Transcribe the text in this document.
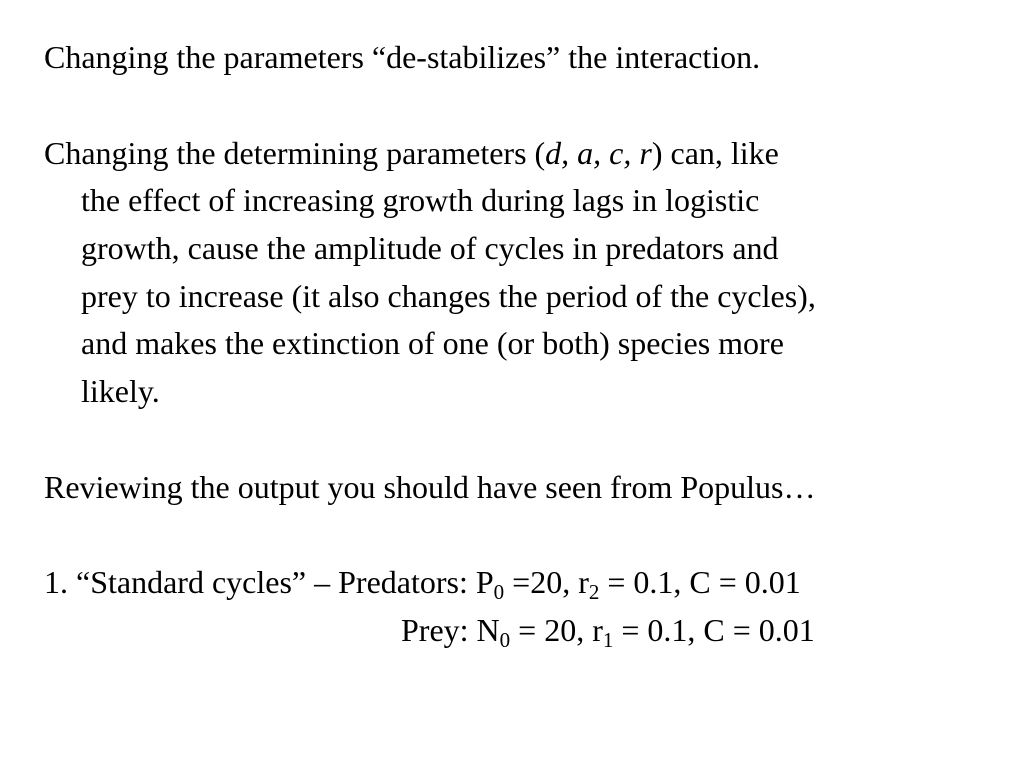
Changing the parameters “de-stabilizes” the interaction.

Changing the determining parameters (d, a, c, r) can, like

the effect of increasing growth during lags in logistic

growth, cause the amplitude of cycles in predators and

prey to increase (it also changes the period of the cycles),

and makes the extinction of one (or both) species more

likely.

Reviewing the output you should have seen from Populus…

1. “Standard cycles” – Predators: $P_0 =20$, $r_2 = 0.1$, C = 0.01

Prey: $N_0 = 20$, $r_1 = 0.1$, C = 0.01
